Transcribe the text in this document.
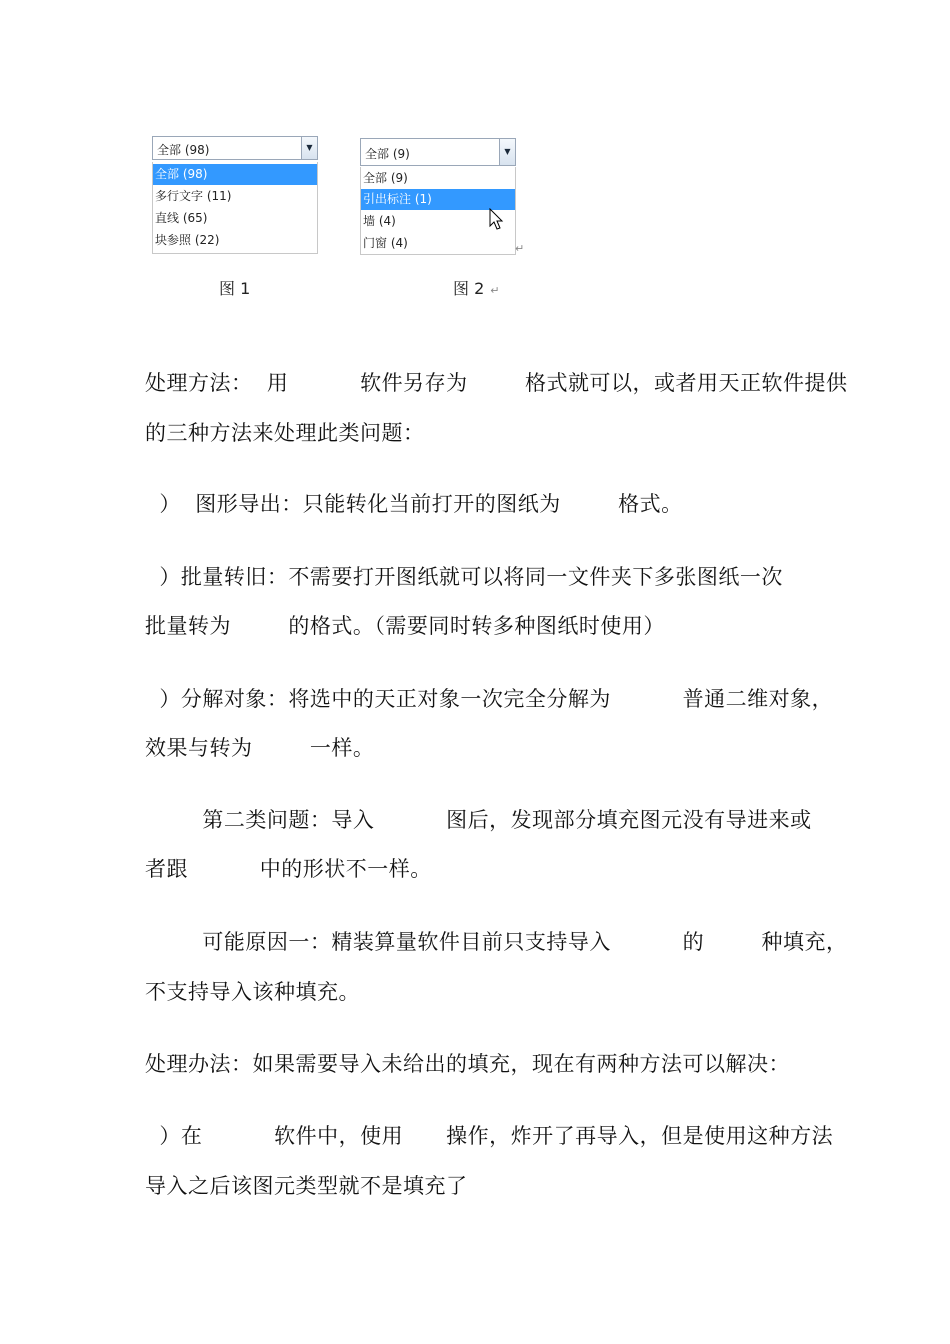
全部 (98)	▼
全部 (98)
多行文字 (11)
直线 (65)
块参照 (22)
图 1
全部 (9)	▼
全部 (9)
引出标注 (1)
墙 (4)
门窗 (4)	↵
图 2 ↵
处理方法：  用          软件另存为        格式就可以，或者用天正软件提供
的三种方法来处理此类问题：
）  图形导出：只能转化当前打开的图纸为        格式。
）批量转旧：不需要打开图纸就可以将同一文件夹下多张图纸一次
批量转为        的格式。（需要同时转多种图纸时使用）
）分解对象：将选中的天正对象一次完全分解为          普通二维对象，
效果与转为        一样。
第二类问题：导入          图后，发现部分填充图元没有导进来或
者跟          中的形状不一样。
可能原因一：精装算量软件目前只支持导入          的        种填充，
不支持导入该种填充。
处理办法：如果需要导入未给出的填充，现在有两种方法可以解决：
）在          软件中，使用      操作，炸开了再导入，但是使用这种方法
导入之后该图元类型就不是填充了
